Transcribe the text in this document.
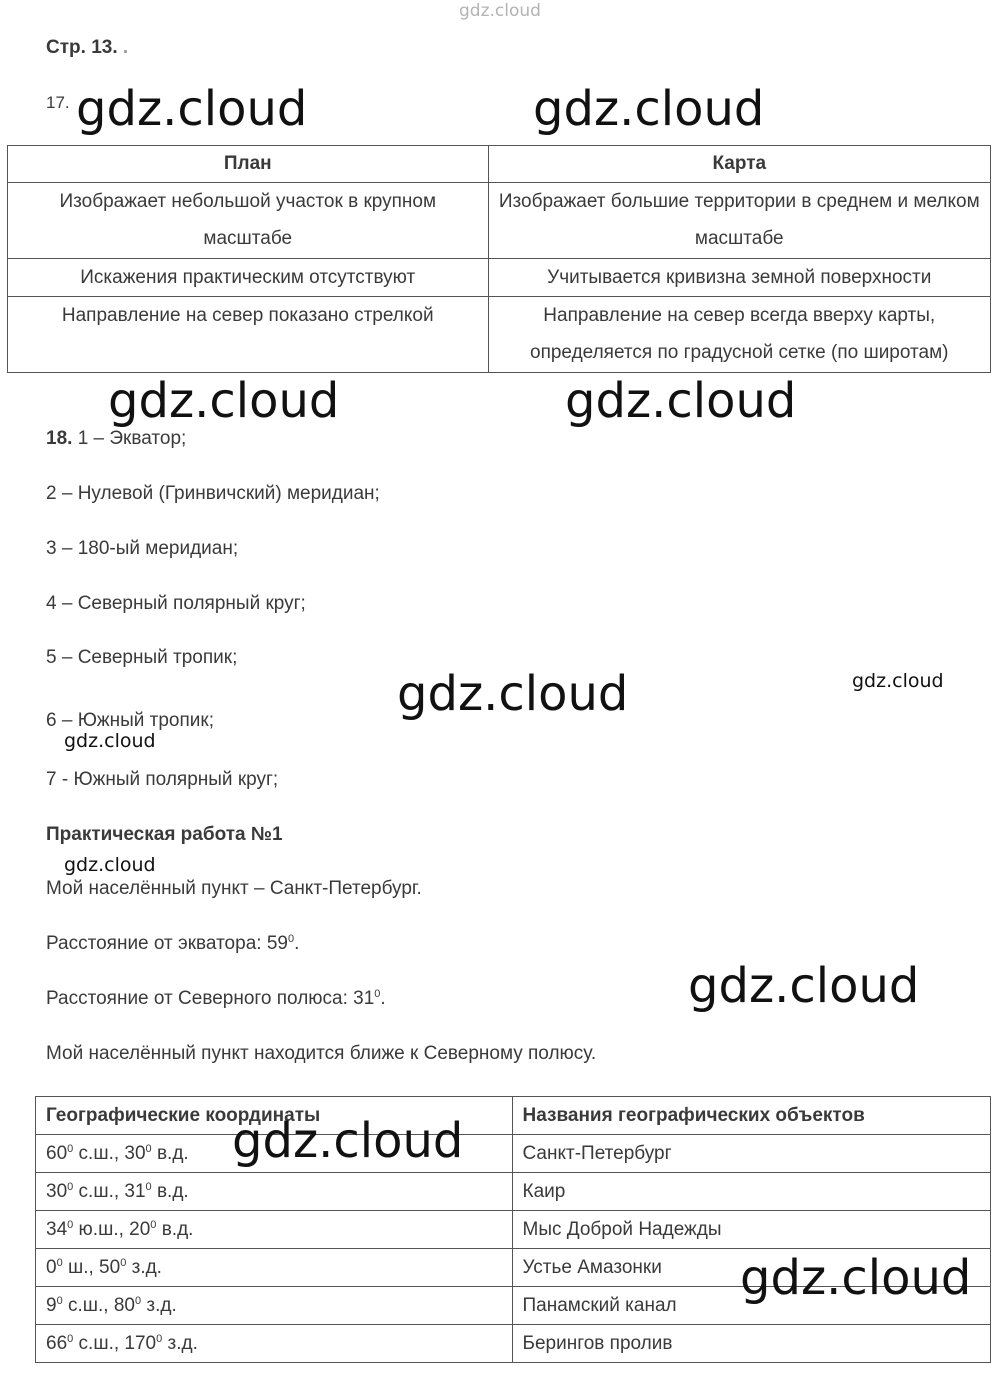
gdz.cloud
Стр. 13. .
17. gdz.cloud	gdz.cloud
План	Карта
Изображает небольшой участок в крупном масштабе	Изображает большие территории в среднем и мелком масштабе
Искажения практическим отсутствуют	Учитывается кривизна земной поверхности
Направление на север показано стрелкой	Направление на север всегда вверху карты, определяется по градусной сетке (по широтам)
gdz.cloud	gdz.cloud
18. 1 – Экватор;
2 – Нулевой (Гринвичский) меридиан;
3 – 180-ый меридиан;
4 – Северный полярный круг;
5 – Северный тропик;
6 – Южный тропик;
7 - Южный полярный круг;
gdz.cloud	gdz.cloud
gdz.cloud
Практическая работа №1
gdz.cloud
Мой населённый пункт – Санкт-Петербург.
Расстояние от экватора: $59^0$.
Расстояние от Северного полюса: $31^0$.
Мой населённый пункт находится ближе к Северному полюсу.
gdz.cloud
Географические координаты	Названия географических объектов
$60^0$ с.ш., $30^0$ в.д.	Санкт-Петербург
$30^0$ с.ш., $31^0$ в.д.	Каир
$34^0$ ю.ш., $20^0$ в.д.	Мыс Доброй Надежды
$0^0$ ш., $50^0$ з.д.	Устье Амазонки
$9^0$ с.ш., $80^0$ з.д.	Панамский канал
$66^0$ с.ш., $170^0$ з.д.	Берингов пролив
gdz.cloud
gdz.cloud
